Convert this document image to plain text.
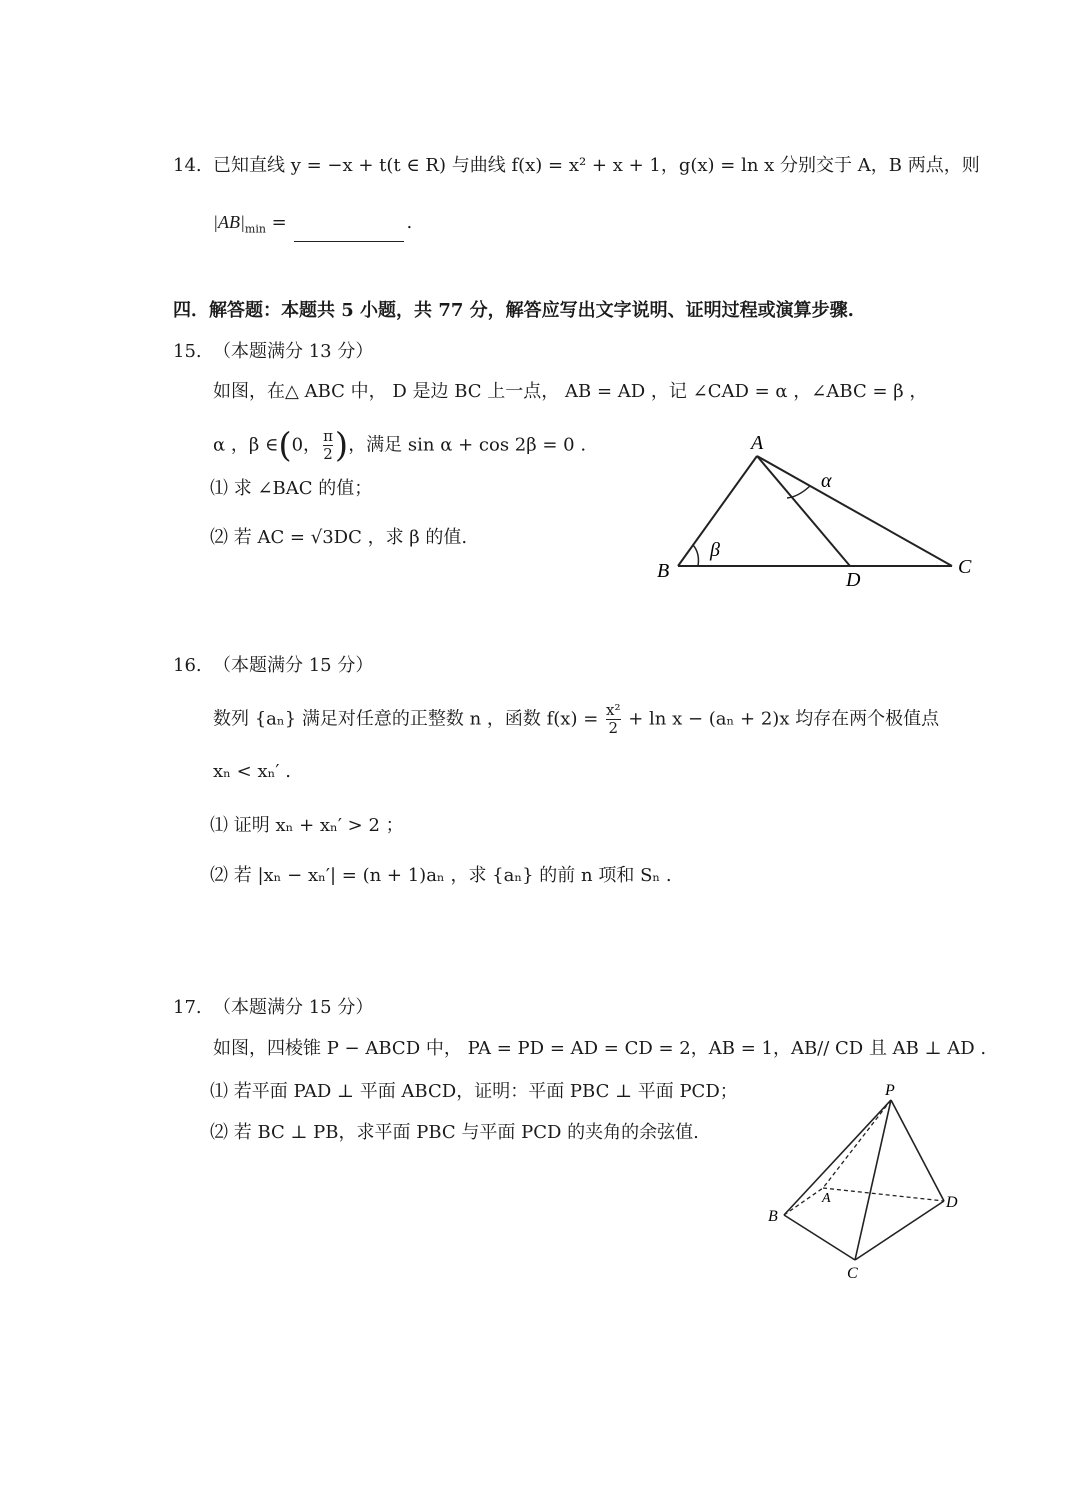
14. 已知直线 y = −x + t(t ∈ R) 与曲线 f(x) = x² + x + 1，g(x) = ln x 分别交于 A，B 两点，则
$|AB|_{min}$ =	.
四．解答题：本题共 5 小题，共 77 分，解答应写出文字说明、证明过程或演算步骤.
15. （本题满分 13 分）
如图，在△ ABC 中， D 是边 BC 上一点， AB = AD ，记 ∠CAD = α ，∠ABC = β ，
α ，β ∈(0， $\frac{\pi}{2}$ )，满足 sin α + cos 2β = 0 .
⑴ 求 ∠BAC 的值；
⑵ 若 AC = √3DC ，求 β 的值.
A
B	C
D
α
β
16. （本题满分 15 分）
数列 {aₙ} 满足对任意的正整数 n ，函数 $f(x) = \frac{\text{x²}}{2} + \ln x - (a_n + 2)x$ 均存在两个极值点
xₙ < xₙ′ .
⑴ 证明 xₙ + xₙ′ > 2 ；
⑵ 若 |xₙ − xₙ′| = (n + 1)aₙ ，求 {aₙ} 的前 n 项和 Sₙ .
17. （本题满分 15 分）
如图，四棱锥 P − ABCD 中， PA = PD = AD = CD = 2，AB = 1，AB// CD 且 AB ⊥ AD .
⑴ 若平面 PAD ⊥ 平面 ABCD，证明：平面 PBC ⊥ 平面 PCD；
⑵ 若 BC ⊥ PB，求平面 PBC 与平面 PCD 的夹角的余弦值.
P
A
B
C
D
